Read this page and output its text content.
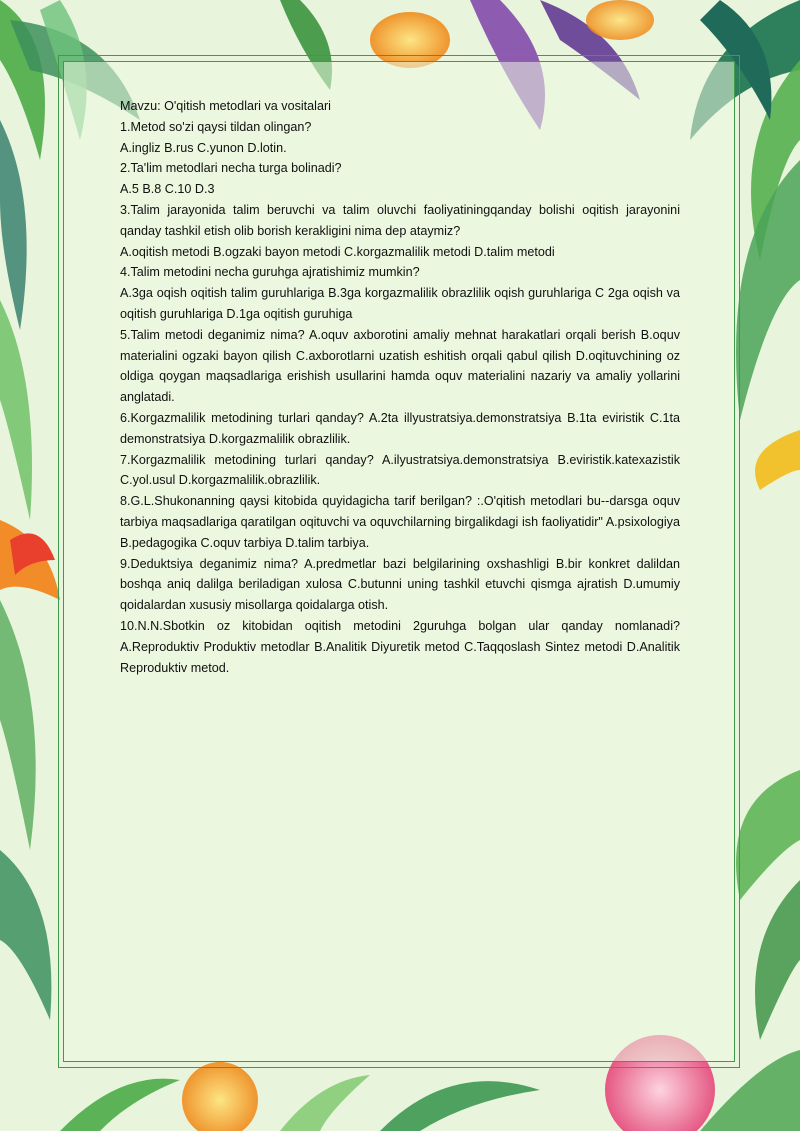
Mavzu: O'qitish metodlari va vositalari

1.Metod so'zi qaysi tildan olingan?

A.ingliz B.rus C.yunon D.lotin.

2.Ta'lim metodlari necha turga bolinadi?

A.5 B.8 C.10 D.3

3.Talim jarayonida talim beruvchi va talim oluvchi faoliyatiningqanday bolishi oqitish jarayonini qanday tashkil etish olib borish kerakligini nima dep ataymiz?

A.oqitish metodi B.ogzaki bayon metodi C.korgazmalilik metodi D.talim metodi

4.Talim metodini necha guruhga ajratishimiz mumkin?

A.3ga oqish oqitish talim guruhlariga B.3ga korgazmalilik obrazlilik oqish guruhlariga C 2ga oqish va oqitish guruhlariga D.1ga oqitish guruhiga

5.Talim metodi deganimiz nima? A.oquv axborotini amaliy mehnat harakatlari orqali berish B.oquv materialini ogzaki bayon qilish C.axborotlarni uzatish eshitish orqali qabul qilish D.oqituvchining oz oldiga qoygan maqsadlariga erishish usullarini hamda oquv materialini nazariy va amaliy yollarini anglatadi.

6.Korgazmalilik metodining turlari qanday? A.2ta illyustratsiya.demonstratsiya B.1ta eviristik C.1ta demonstratsiya D.korgazmalilik obrazlilik.

7.Korgazmalilik metodining turlari qanday? A.ilyustratsiya.demonstratsiya B.eviristik.katexazistik C.yol.usul D.korgazmalilik.obrazlilik.

8.G.L.Shukonanning qaysi kitobida quyidagicha tarif berilgan? :.O'qitish metodlari bu--darsga oquv tarbiya maqsadlariga qaratilgan oqituvchi va oquvchilarning birgalikdagi ish faoliyatidir" A.psixologiya B.pedagogika C.oquv tarbiya D.talim tarbiya.

9.Deduktsiya deganimiz nima? A.predmetlar bazi belgilarining oxshashligi B.bir konkret dalildan boshqa aniq dalilga beriladigan xulosa C.butunni uning tashkil etuvchi qismga ajratish D.umumiy qoidalardan xususiy misollarga qoidalarga otish.

10.N.N.Sbotkin oz kitobidan oqitish metodini 2guruhga bolgan ular qanday nomlanadi? A.Reproduktiv Produktiv metodlar B.Analitik Diyuretik metod C.Taqqoslash Sintez metodi D.Analitik Reproduktiv metod.
